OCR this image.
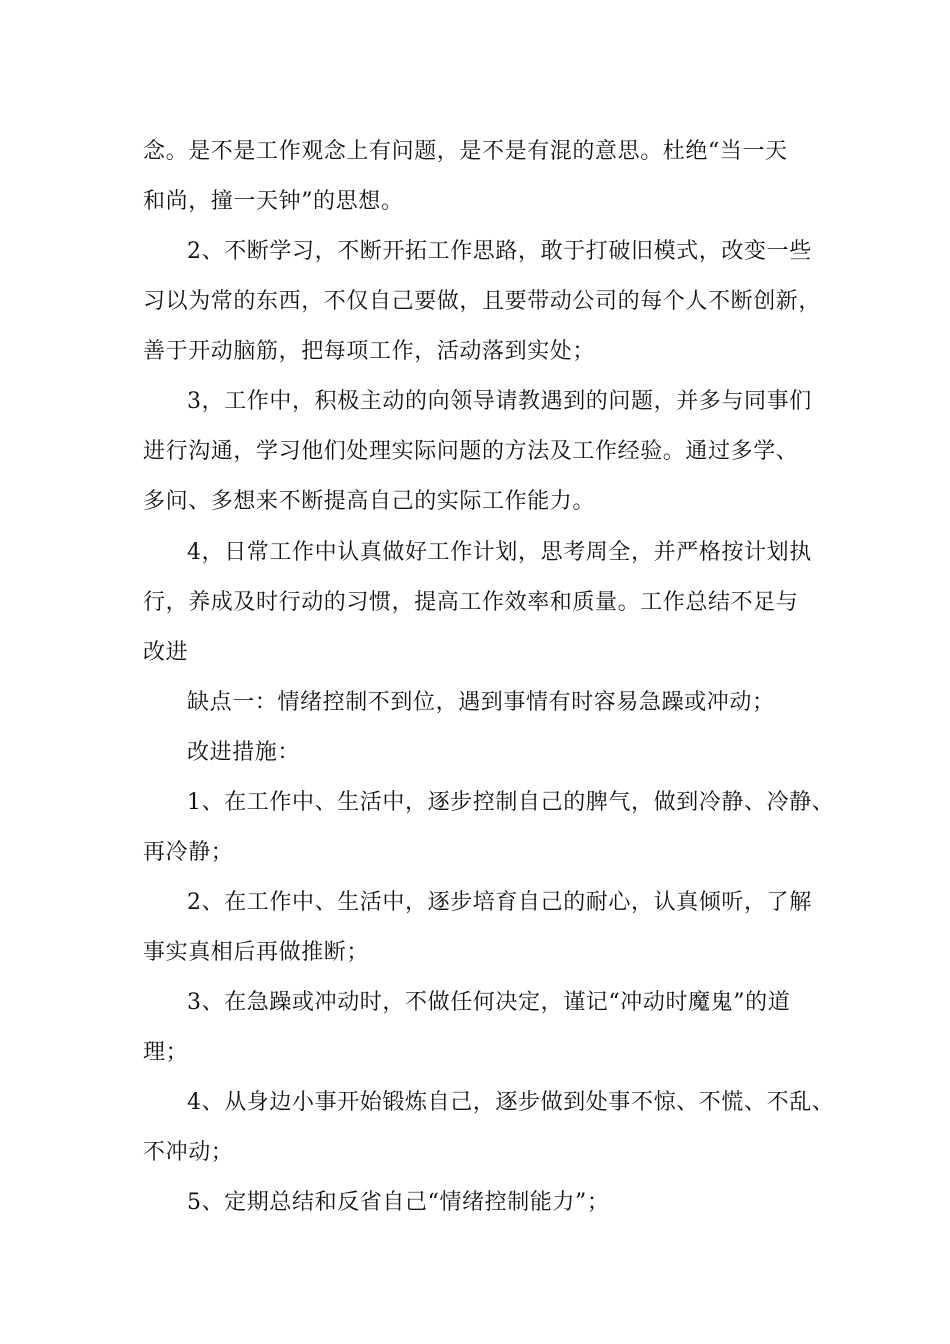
念。是不是工作观念上有问题，是不是有混的意思。杜绝“当一天
和尚，撞一天钟”的思想。
2、不断学习，不断开拓工作思路，敢于打破旧模式，改变一些
习以为常的东西，不仅自己要做，且要带动公司的每个人不断创新，
善于开动脑筋，把每项工作，活动落到实处；
3，工作中，积极主动的向领导请教遇到的问题，并多与同事们
进行沟通，学习他们处理实际问题的方法及工作经验。通过多学、
多问、多想来不断提高自己的实际工作能力。
4，日常工作中认真做好工作计划，思考周全，并严格按计划执
行，养成及时行动的习惯，提高工作效率和质量。工作总结不足与
改进
缺点一：情绪控制不到位，遇到事情有时容易急躁或冲动；
改进措施：
1、在工作中、生活中，逐步控制自己的脾气，做到冷静、冷静、
再冷静；
2、在工作中、生活中，逐步培育自己的耐心，认真倾听，了解
事实真相后再做推断；
3、在急躁或冲动时，不做任何决定，谨记“冲动时魔鬼”的道
理；
4、从身边小事开始锻炼自己，逐步做到处事不惊、不慌、不乱、
不冲动；
5、定期总结和反省自己“情绪控制能力”；
